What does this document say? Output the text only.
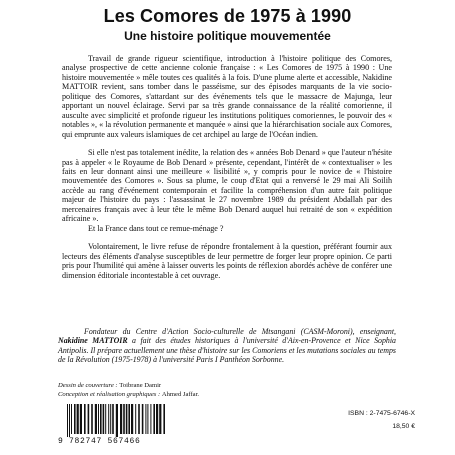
Les Comores de 1975 à 1990
Une histoire politique mouvementée

Travail de grande rigueur scientifique, introduction à l'histoire politique des Comores, analyse prospective de cette ancienne colonie française : « Les Comores de 1975 à 1990 : Une histoire mouvementée » mêle toutes ces qualités à la fois. D'une plume alerte et accessible, Nakidine MATTOIR revient, sans tomber dans le passéisme, sur des épisodes marquants de la vie socio-politique des Comores, s'attardant sur des événements tels que le massacre de Majunga, leur apportant un nouvel éclairage. Servi par sa très grande connaissance de la réalité comorienne, il ausculte avec simplicité et profonde rigueur les institutions politiques comoriennes, le pouvoir des « notables », « la révolution permanente et manquée » ainsi que la hiérarchisation sociale aux Comores, qui emprunte aux valeurs islamiques de cet archipel au large de l'Océan indien.

Si elle n'est pas totalement inédite, la relation des « années Bob Denard » que l'auteur n'hésite pas à appeler « le Royaume de Bob Denard » présente, cependant, l'intérêt de « contextualiser » les faits en leur donnant ainsi une meilleure « lisibilité », y compris pour le novice de « l'histoire mouvementée des Comores ». Sous sa plume, le coup d'Etat qui a renversé le 29 mai Ali Soilih accède au rang d'événement contemporain et facilite la compréhension d'un autre fait politique majeur de l'histoire du pays : l'assassinat le 27 novembre 1989 du président Abdallah par des mercenaires français avec à leur tête le même Bob Denard auquel hui retraité de son « expédition africaine ».

Et la France dans tout ce remue-ménage ?

Volontairement, le livre refuse de répondre frontalement à la question, préférant fournir aux lecteurs des éléments d'analyse susceptibles de leur permettre de forger leur propre opinion. Ce parti pris pour l'humilité qui amène à laisser ouverts les points de réflexion abordés achève de conférer une dimension éditoriale incontestable à cet ouvrage.

Fondateur du Centre d'Action Socio-culturelle de Mtsangani (CASM-Moroni), enseignant, Nakidine MATTOIR a fait des études historiques à l'université d'Aix-en-Provence et Nice Sophia Antipolis. Il prépare actuellement une thèse d'histoire sur les Comoriens et les mutations sociales au temps de la Révolution (1975-1978) à l'université Paris I Panthéon Sorbonne.

Dessin de couverture : Toibrane Damir
Conception et réalisation graphiques : Ahmed Jaffar.
9 782747 567466
ISBN : 2-7475-6746-X
18,50 €
